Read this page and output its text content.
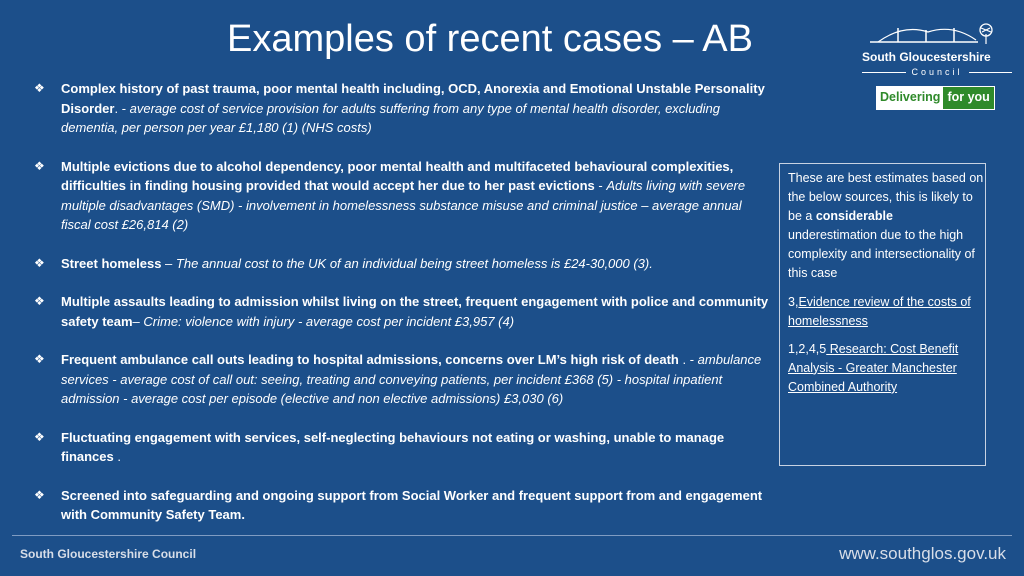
Examples of recent cases – AB	South Gloucestershire
Council
Delivering for you
❖ Complex history of past trauma, poor mental health including, OCD, Anorexia and Emotional Unstable Personality Disorder. - average cost of service provision for adults suffering from any type of mental health disorder, excluding dementia, per person per year £1,180 (1) (NHS costs)
❖ Multiple evictions due to alcohol dependency, poor mental health and multifaceted behavioural complexities, difficulties in finding housing provided that would accept her due to her past evictions - Adults living with severe multiple disadvantages (SMD) - involvement in homelessness substance misuse and criminal justice – average annual fiscal cost £26,814 (2)
❖ Street homeless – The annual cost to the UK of an individual being street homeless is £24-30,000 (3).
❖ Multiple assaults leading to admission whilst living on the street, frequent engagement with police and community safety team– Crime: violence with injury - average cost per incident £3,957 (4)
❖ Frequent ambulance call outs leading to hospital admissions, concerns over LM’s high risk of death . - ambulance services - average cost of call out: seeing, treating and conveying patients, per incident £368 (5) - hospital inpatient admission - average cost per episode (elective and non elective admissions) £3,030 (6)
❖ Fluctuating engagement with services, self-neglecting behaviours not eating or washing, unable to manage finances .
❖ Screened into safeguarding and ongoing support from Social Worker and frequent support from and engagement with Community Safety Team.

These are best estimates based on the below sources, this is likely to be a considerable underestimation due to the high complexity and intersectionality of this case

3,Evidence review of the costs of homelessness

1,2,4,5 Research: Cost Benefit Analysis - Greater Manchester Combined Authority

South Gloucestershire Council	www.southglos.gov.uk
